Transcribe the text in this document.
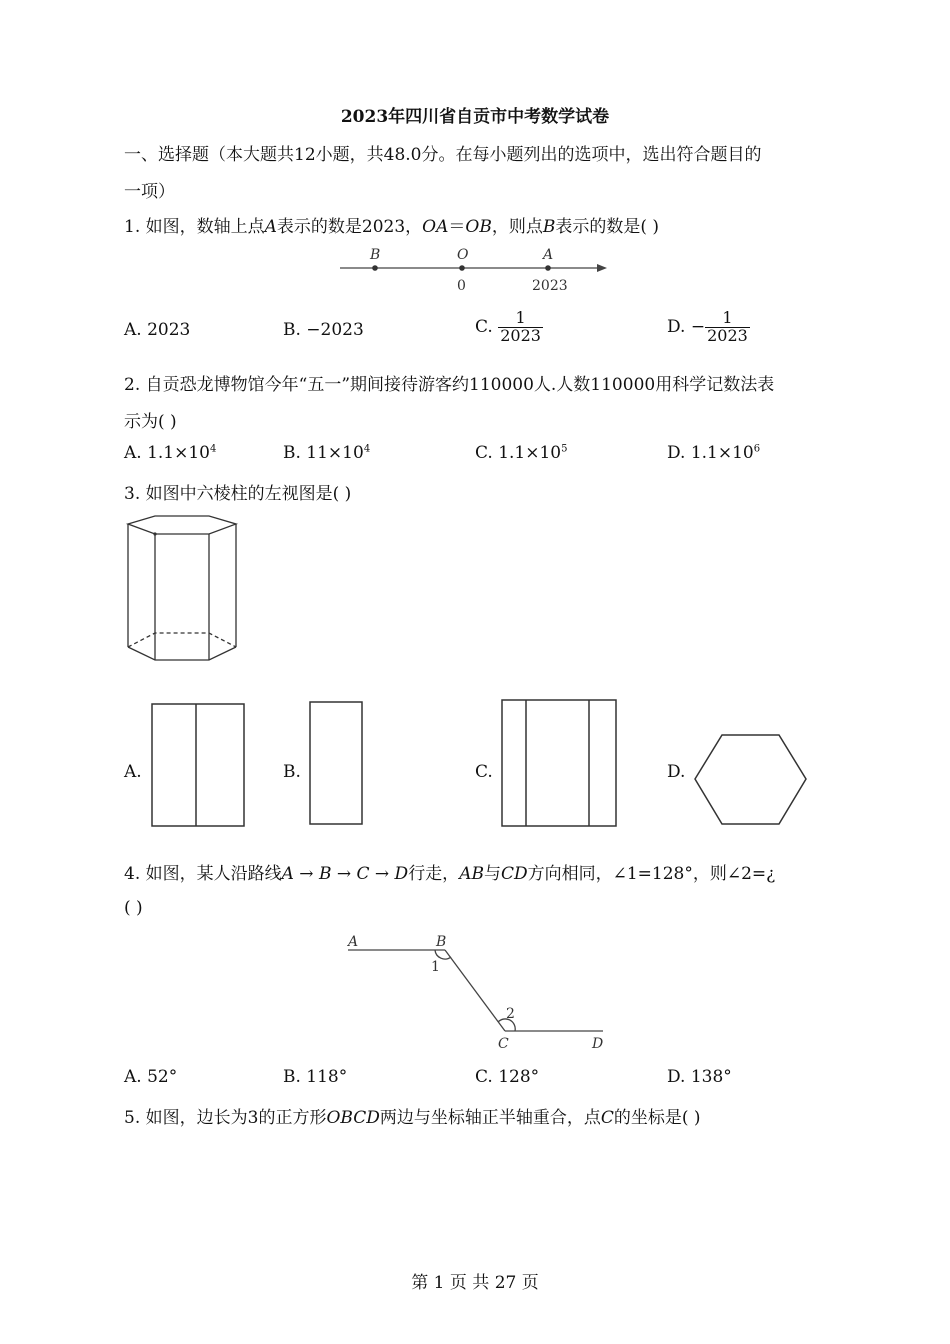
2023年四川省自贡市中考数学试卷
一、选择题（本大题共12小题，共48.0分。在每小题列出的选项中，选出符合题目的
一项）
1. 如图，数轴上点A表示的数是2023，OA＝OB，则点B表示的数是( )
B	O	A
0	2023
A. 2023	B. −2023	C. $\frac{1}{2023}$	D. − $\frac{1}{2023}$
2. 自贡恐龙博物馆今年“五一”期间接待游客约110000人.人数110000用科学记数法表
示为( )
A. $1.1\times 10^4$	B. $11\times 10^4$	C. $1.1\times 10^5$	D. $1.1\times 10^6$
3. 如图中六棱柱的左视图是( )
A.	B.	C.	D.
4. 如图，某人沿路线A → B → C → D行走，AB与CD方向相同，∠1=128°，则∠2=¿
( )
A	B
1
2
C	D
A. 52°	B. 118°	C. 128°	D. 138°
5. 如图，边长为3的正方形OBCD两边与坐标轴正半轴重合，点C的坐标是( )
第 1 页 共 27 页
